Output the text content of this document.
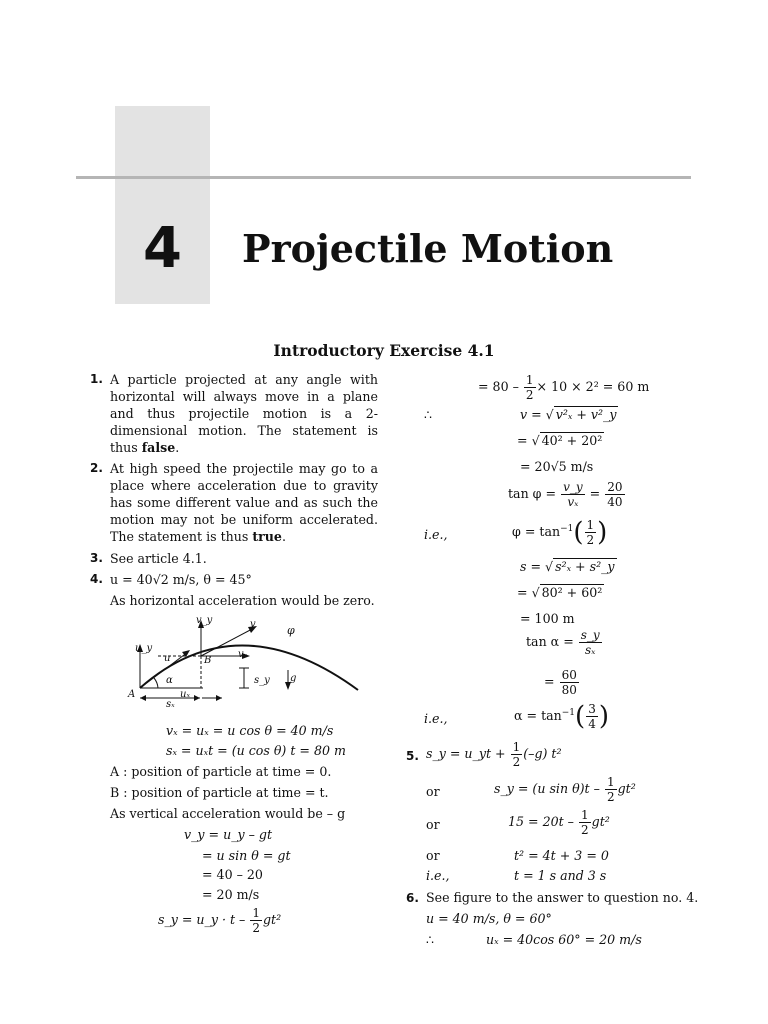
4	Projectile Motion
Introductory Exercise 4.1
1. A particle projected at any angle with horizontal will always move in a plane and thus projectile motion is a 2-dimensional motion. The statement is thus false.
2. At high speed the projectile may go to a place where acceleration due to gravity has some different value and as such the motion may not be uniform accelerated. The statement is thus true.
3. See article 4.1.
4. u = 40√2 m/s, θ = 45°
As horizontal acceleration would be zero.
v_y	v	φ
u_y
u	B
vₓ
α	s_y g
A	uₓ
sₓ
vₓ = uₓ = u cos θ = 40 m/s
sₓ = uₓt = (u cos θ) t = 80 m
A : position of particle at time = 0.
B : position of particle at time = t.
As vertical acceleration would be – g
v_y = u_y – gt
= u sin θ = gt
= 40 – 20
= 20 m/s
s_y = u_y · t – $\frac{1}{2} gt^2$
= $80 - \frac{1}{2} \times 10 \times 2^2 = 60$ m
∴	v = √ v²ₓ + v²_y
= √ 40² + 20²
= 20√5 m/s
$\tan \varphi = \frac{v\_y}{\text{vₓ}} = \frac{20}{40}$
i.e.,	$\varphi = \tan^{-1}( \frac{1}{2}$ )
s = √ s²ₓ + s²_y
= √ 80² + 60²
= 100 m
$\tan \alpha = \frac{s\_y}{\text{sₓ}}$
= $\frac{60}{80}$
i.e.,	$\alpha = \tan^{-1}( \frac{3}{4}$ )
5. s_y = u_yt + $\frac{1}{2} (-g)$ t²
or	s_y = (u $\sin \theta)t - \frac{1}{2} gt^2$
or	$15 = 20t - \frac{1}{2} gt^2$
or	t² = 4t + 3 = 0
i.e.,	t = 1 s and 3 s
6. See figure to the answer to question no. 4.
u = 40 m/s, θ = 60°
∴	uₓ = 40cos 60° = 20 m/s
